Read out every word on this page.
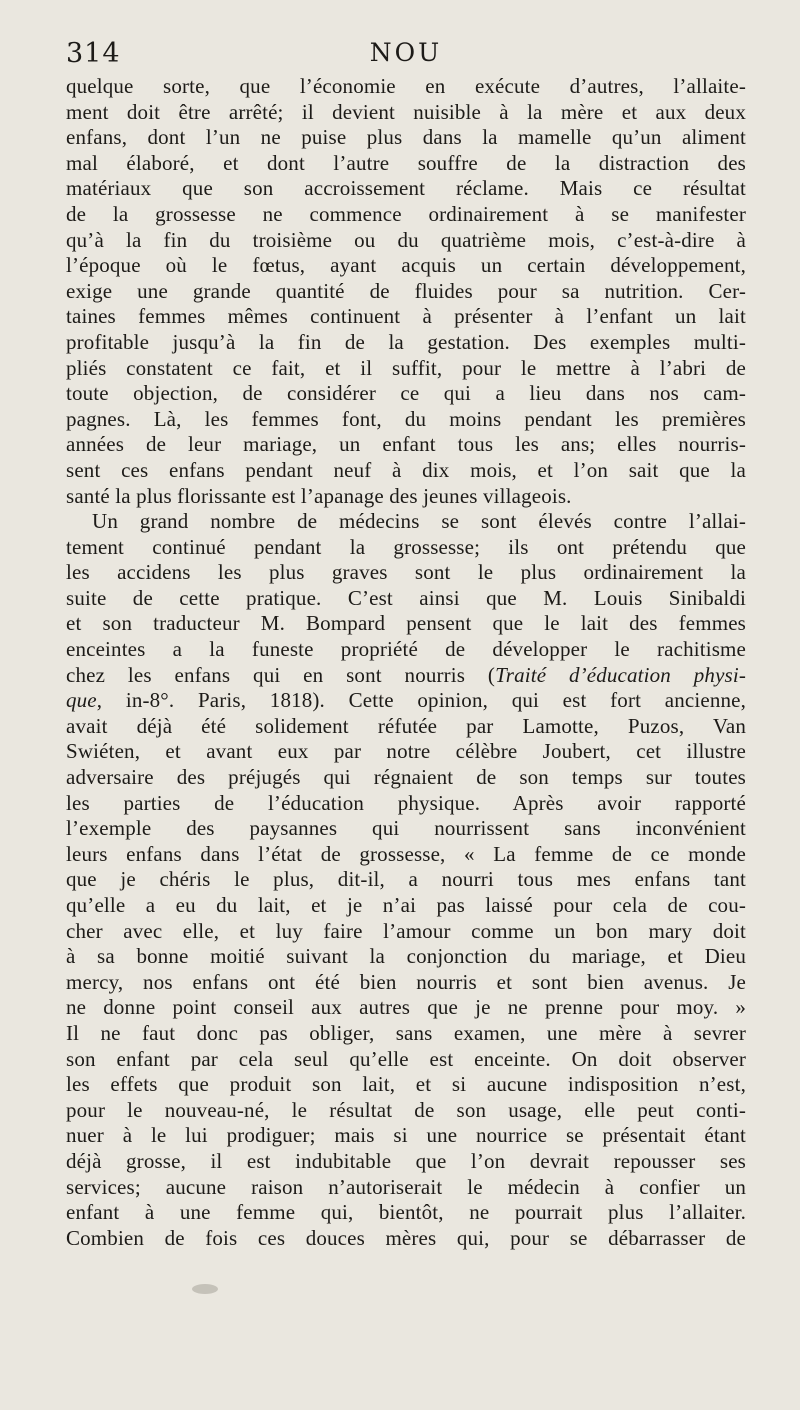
314	NOU
quelque sorte, que l’économie en exécute d’autres, l’allaite-
ment doit être arrêté; il devient nuisible à la mère et aux deux
enfans, dont l’un ne puise plus dans la mamelle qu’un aliment
mal élaboré, et dont l’autre souffre de la distraction des
matériaux que son accroissement réclame. Mais ce résultat
de la grossesse ne commence ordinairement à se manifester
qu’à la fin du troisième ou du quatrième mois, c’est-à-dire à
l’époque où le fœtus, ayant acquis un certain développement,
exige une grande quantité de fluides pour sa nutrition. Cer-
taines femmes mêmes continuent à présenter à l’enfant un lait
profitable jusqu’à la fin de la gestation. Des exemples multi-
pliés constatent ce fait, et il suffit, pour le mettre à l’abri de
toute objection, de considérer ce qui a lieu dans nos cam-
pagnes. Là, les femmes font, du moins pendant les premières
années de leur mariage, un enfant tous les ans; elles nourris-
sent ces enfans pendant neuf à dix mois, et l’on sait que la
santé la plus florissante est l’apanage des jeunes villageois.
Un grand nombre de médecins se sont élevés contre l’allai-
tement continué pendant la grossesse; ils ont prétendu que
les accidens les plus graves sont le plus ordinairement la
suite de cette pratique. C’est ainsi que M. Louis Sinibaldi
et son traducteur M. Bompard pensent que le lait des femmes
enceintes a la funeste propriété de développer le rachitisme
chez les enfans qui en sont nourris (Traité d’éducation physi-
que, in-8°. Paris, 1818). Cette opinion, qui est fort ancienne,
avait déjà été solidement réfutée par Lamotte, Puzos, Van
Swiéten, et avant eux par notre célèbre Joubert, cet illustre
adversaire des préjugés qui régnaient de son temps sur toutes
les parties de l’éducation physique. Après avoir rapporté
l’exemple des paysannes qui nourrissent sans inconvénient
leurs enfans dans l’état de grossesse, « La femme de ce monde
que je chéris le plus, dit-il, a nourri tous mes enfans tant
qu’elle a eu du lait, et je n’ai pas laissé pour cela de cou-
cher avec elle, et luy faire l’amour comme un bon mary doit
à sa bonne moitié suivant la conjonction du mariage, et Dieu
mercy, nos enfans ont été bien nourris et sont bien avenus. Je
ne donne point conseil aux autres que je ne prenne pour moy. »
Il ne faut donc pas obliger, sans examen, une mère à sevrer
son enfant par cela seul qu’elle est enceinte. On doit observer
les effets que produit son lait, et si aucune indisposition n’est,
pour le nouveau-né, le résultat de son usage, elle peut conti-
nuer à le lui prodiguer; mais si une nourrice se présentait étant
déjà grosse, il est indubitable que l’on devrait repousser ses
services; aucune raison n’autoriserait le médecin à confier un
enfant à une femme qui, bientôt, ne pourrait plus l’allaiter.
Combien de fois ces douces mères qui, pour se débarrasser de
